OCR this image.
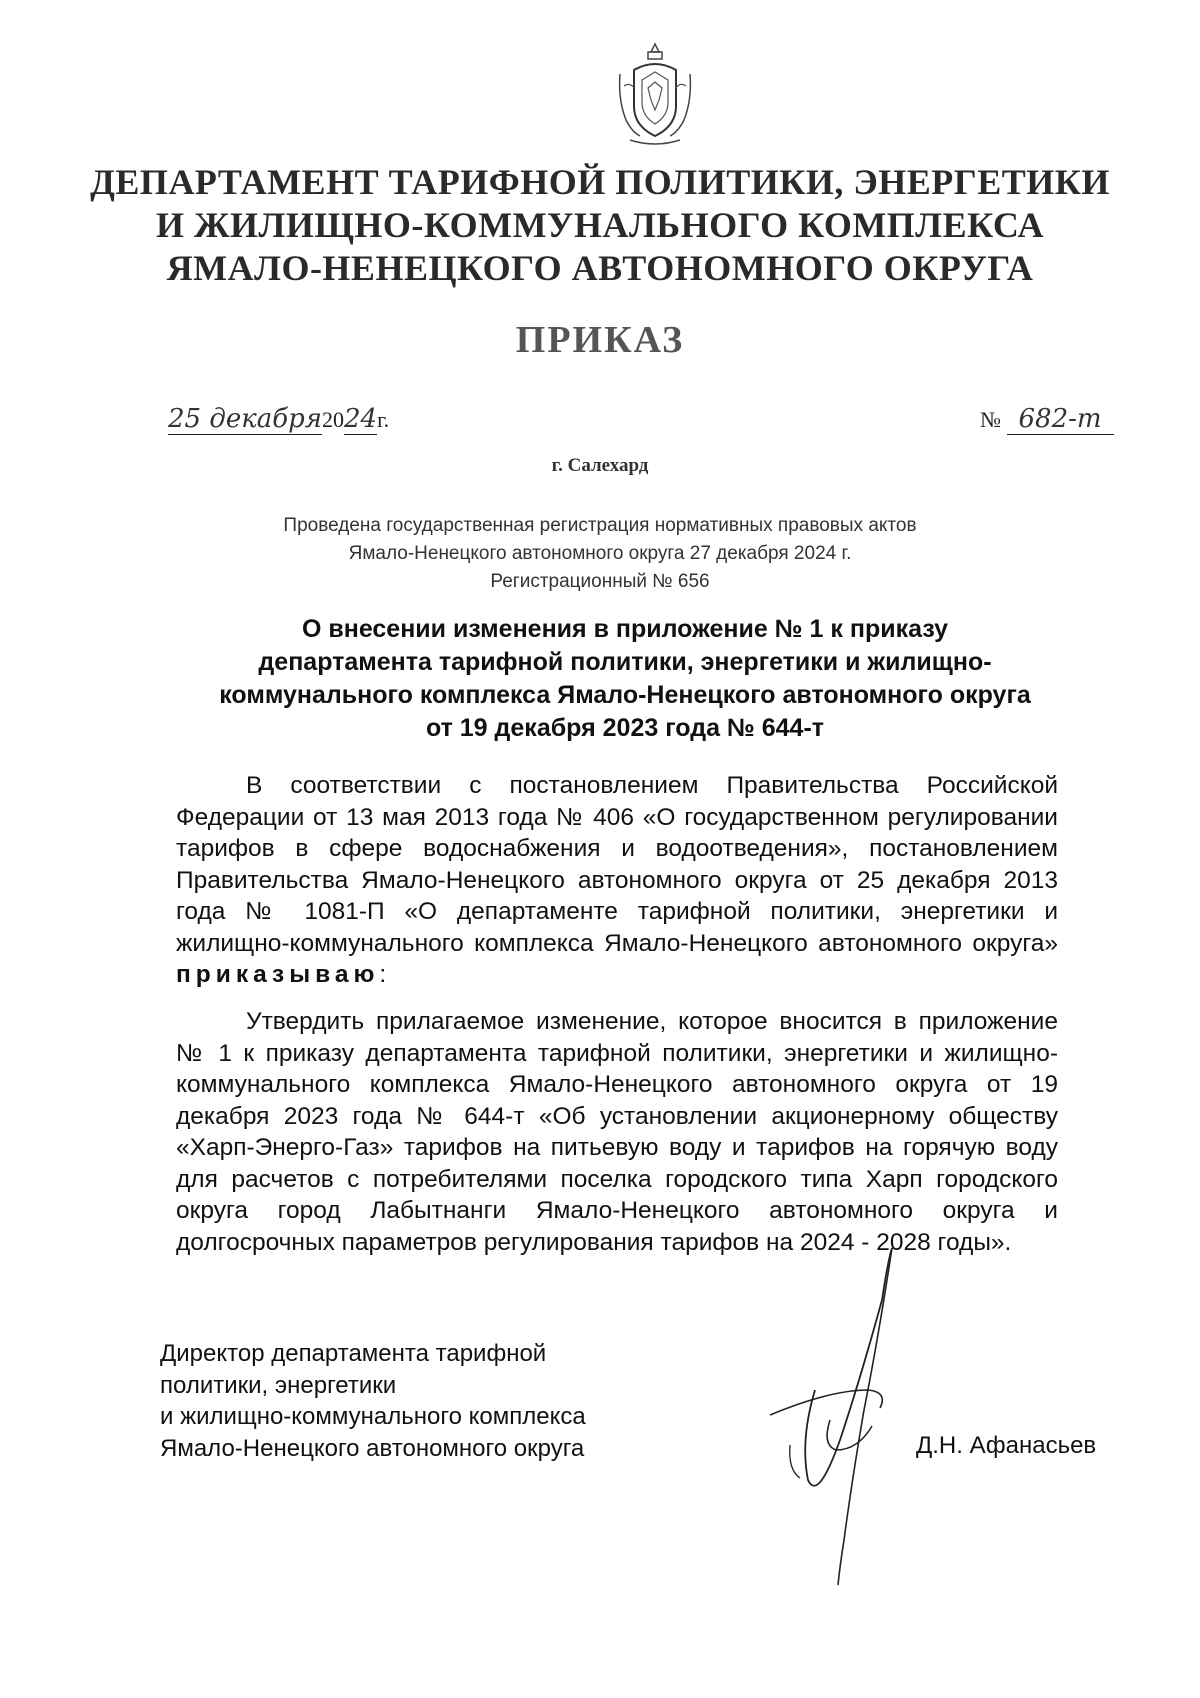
ДЕПАРТАМЕНТ ТАРИФНОЙ ПОЛИТИКИ, ЭНЕРГЕТИКИ
И ЖИЛИЩНО-КОММУНАЛЬНОГО КОМПЛЕКСА
ЯМАЛО-НЕНЕЦКОГО АВТОНОМНОГО ОКРУГА
ПРИКАЗ
25 декабря2024г.	№ 682-т
г. Салехард
Проведена государственная регистрация нормативных правовых актов
Ямало-Ненецкого автономного округа 27 декабря 2024 г.
Регистрационный № 656
О внесении изменения в приложение № 1 к приказу
департамента тарифной политики, энергетики и жилищно-
коммунального комплекса Ямало-Ненецкого автономного округа
от 19 декабря 2023 года № 644-т
В соответствии с постановлением Правительства Российской Федерации от 13 мая 2013 года № 406 «О государственном регулировании тарифов в сфере водоснабжения и водоотведения», постановлением Правительства Ямало-Ненецкого автономного округа от 25 декабря 2013 года № 1081-П «О департаменте тарифной политики, энергетики и жилищно-коммунального комплекса Ямало-Ненецкого автономного округа» приказываю:
Утвердить прилагаемое изменение, которое вносится в приложение № 1 к приказу департамента тарифной политики, энергетики и жилищно-коммунального комплекса Ямало-Ненецкого автономного округа от 19 декабря 2023 года № 644-т «Об установлении акционерному обществу «Харп-Энерго-Газ» тарифов на питьевую воду и тарифов на горячую воду для расчетов с потребителями поселка городского типа Харп городского округа город Лабытнанги Ямало-Ненецкого автономного округа и долгосрочных параметров регулирования тарифов на 2024 - 2028 годы».
Директор департамента тарифной
политики, энергетики
и жилищно-коммунального комплекса
Ямало-Ненецкого автономного округа	Д.Н. Афанасьев
